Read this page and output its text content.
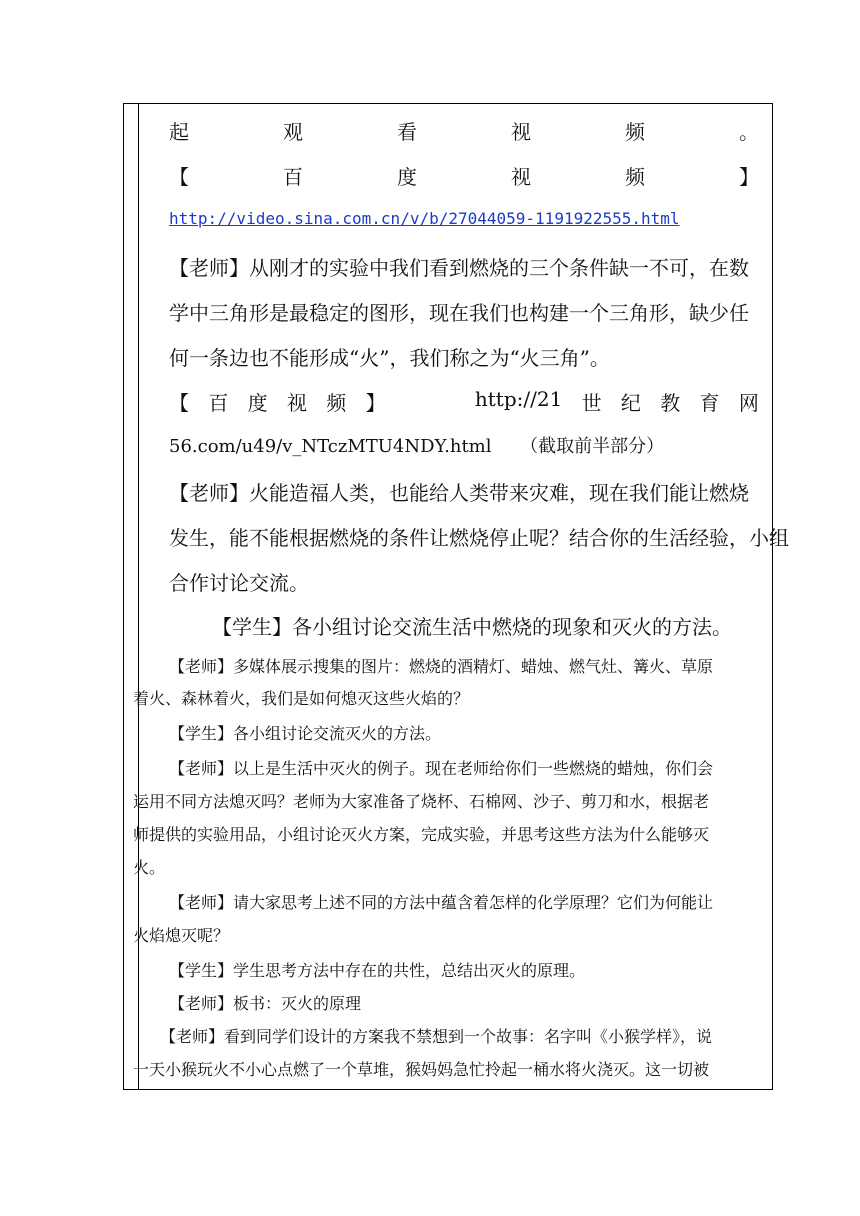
起	观	看	视	频	。
【	百	度	视	频	】
http://video.sina.com.cn/v/b/27044059-1191922555.html
【老师】从刚才的实验中我们看到燃烧的三个条件缺一不可，在数
学中三角形是最稳定的图形，现在我们也构建一个三角形，缺少任
何一条边也不能形成“火”，我们称之为“火三角”。
【 百 度 视 频 】	http://21 世 纪 教 育 网
56.com/u49/v_NTczMTU4NDY.html     （截取前半部分）
【老师】火能造福人类，也能给人类带来灾难，现在我们能让燃烧
发生，能不能根据燃烧的条件让燃烧停止呢？结合你的生活经验，小组
合作讨论交流。
【学生】各小组讨论交流生活中燃烧的现象和灭火的方法。
【老师】多媒体展示搜集的图片：燃烧的酒精灯、蜡烛、燃气灶、篝火、草原
着火、森林着火，我们是如何熄灭这些火焰的？
【学生】各小组讨论交流灭火的方法。
【老师】以上是生活中灭火的例子。现在老师给你们一些燃烧的蜡烛，你们会
运用不同方法熄灭吗？老师为大家准备了烧杯、石棉网、沙子、剪刀和水，根据老
师提供的实验用品，小组讨论灭火方案，完成实验，并思考这些方法为什么能够灭
火。
【老师】请大家思考上述不同的方法中蕴含着怎样的化学原理？它们为何能让
火焰熄灭呢？
【学生】学生思考方法中存在的共性，总结出灭火的原理。
【老师】板书：灭火的原理
【老师】看到同学们设计的方案我不禁想到一个故事：名字叫《小猴学样》，说
一天小猴玩火不小心点燃了一个草堆，猴妈妈急忙拎起一桶水将火浇灭。这一切被
